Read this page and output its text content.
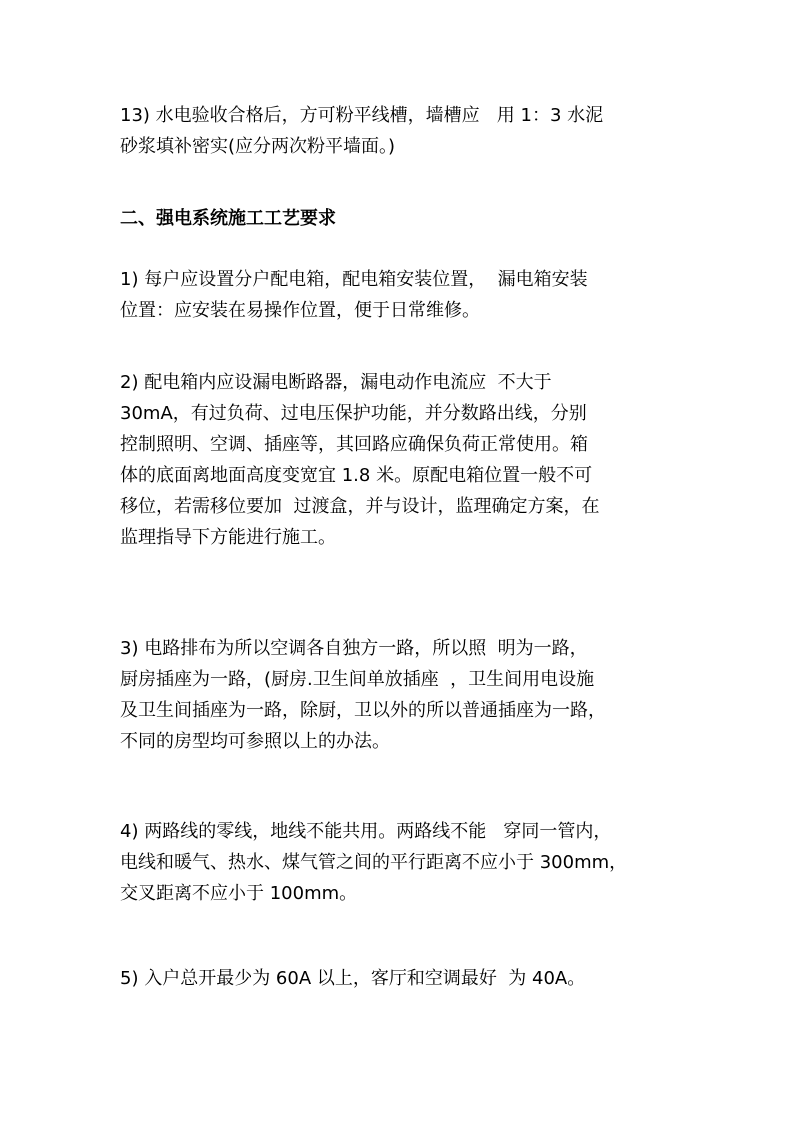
13) 水电验收合格后，方可粉平线槽，墙槽应   用 1：3 水泥
砂浆填补密实(应分两次粉平墙面。)

二、强电系统施工工艺要求

1) 每户应设置分户配电箱，配电箱安装位置，  漏电箱安装
位置：应安装在易操作位置，便于日常维修。

2) 配电箱内应设漏电断路器，漏电动作电流应  不大于
30mA，有过负荷、过电压保护功能，并分数路出线，分别
控制照明、空调、插座等，其回路应确保负荷正常使用。箱
体的底面离地面高度变宽宜 1.8 米。原配电箱位置一般不可
移位，若需移位要加  过渡盒，并与设计，监理确定方案，在
监理指导下方能进行施工。

3) 电路排布为所以空调各自独方一路，所以照  明为一路，
厨房插座为一路，(厨房.卫生间单放插座  ，卫生间用电设施
及卫生间插座为一路，除厨，卫以外的所以普通插座为一路，
不同的房型均可参照以上的办法。

4) 两路线的零线，地线不能共用。两路线不能   穿同一管内，
电线和暖气、热水、煤气管之间的平行距离不应小于 300mm，
交叉距离不应小于 100mm。

5) 入户总开最少为 60A 以上，客厅和空调最好  为 40A。
